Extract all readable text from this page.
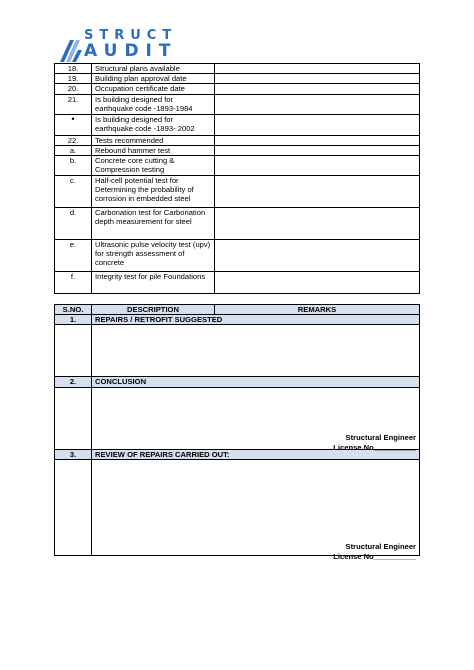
STRUCT
AUDIT
18.	Structural plans available	
19.	Building plan approval date	
20.	Occupation certificate date	
21.	Is building designed for earthquake code -1893-1984	
•	Is building designed for earthquake code -1893- 2002	
22.	Tests recommended	
a.	Rebound hammer test	
b.	Concrete core cutting & Compression testing	
c.	Half-cell potential test for Determining the probability of corrosion in embedded steel	
d.	Carbonation test for Carbonation depth measurement for steel	
e.	Ultrasonic pulse velocity test (upv) for strength assessment of concrete	
f.	Integrity test for pile Foundations	
S.NO.	DESCRIPTION	REMARKS
1.	REPAIRS / RETROFIT SUGGESTED	

2.	CONCLUSION	

3.	REVIEW OF REPAIRS CARRIED OUT:	

Structural Engineer
License No__________
Structural Engineer
License No__________
